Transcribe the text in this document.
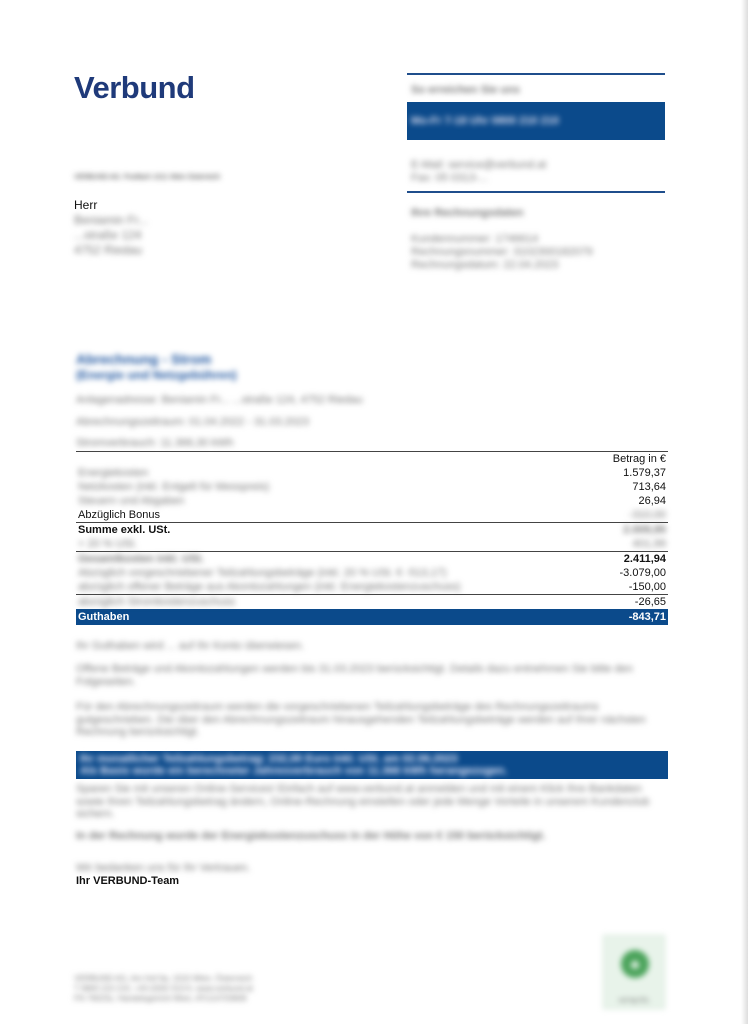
Verbund
VERBUND AG. Postfach 1011 Wien Österreich
Herr
Beniamin Fr...
...straße 124
4752 Riedau
So erreichen Sie uns
Mo-Fr 7-18 Uhr 0800 210 210
E-Mail: service@verbund.at
Fax: 05 0313-...
Ihre Rechnungsdaten
Kundennummer: 1746614
Rechnungsnummer: 3102300182079
Rechnungsdatum: 22.04.2023
Abrechnung - Strom
(Energie und Netzgebühren)
Anlagenadresse: Beniamin Fr... ...straße 124, 4752 Riedau
Abrechnungszeitraum: 01.04.2022 - 31.03.2023
Stromverbrauch: 11.366,30 kWh
	Betrag in €
Energiekosten	1.579,37
Netzkosten (inkl. Entgelt für Messpreis)	713,64
Steuern und Abgaben	26,94
Abzüglich Bonus	-310,00
Summe exkl. USt.	2.009,95
+ 20 % USt.	401,99
Gesamtkosten inkl. USt.	2.411,94
Abzüglich vorgeschriebener Teilzahlungsbeträge (inkl. 20 % USt. € -513,17)	-3.079,00
abzüglich offener Beträge aus Akontozahlungen (inkl. Energiekostenzuschuss)	-150,00
abzüglich Stromkostenzuschuss	-26,65
Guthaben	-843,71
Ihr Guthaben wird ... auf Ihr Konto überwiesen.
Offene Beträge und Akontozahlungen werden bis 31.03.2023 berücksichtigt. Details dazu entnehmen Sie bitte den Folgeseiten.
Für den Abrechnungszeitraum werden die vorgeschriebenen Teilzahlungsbeträge des Rechnungszeitraums gutgeschrieben. Die über den Abrechnungszeitraum hinausgehenden Teilzahlungsbeträge werden auf Ihrer nächsten Rechnung berücksichtigt.
Ihr monatlicher Teilzahlungsbetrag: 232,00 Euro inkl. USt. am 02.06.2023
Als Basis wurde ein berechneter Jahresverbrauch von 11.366 kWh herangezogen.
Sparen Sie mit unseren Online-Services! Einfach auf www.verbund.at anmelden und mit einem Klick Ihre Bankdaten sowie Ihren Teilzahlungsbetrag ändern, Online-Rechnung einstellen oder jede Menge Vorteile in unserem Kundenclub sichern.
In der Rechnung wurde der Energiekostenzuschuss in der Höhe von € 150 berücksichtigt.
Wir bedanken uns für Ihr Vertrauen.
Ihr VERBUND-Team
VERBUND AG, Am Hof 6a, 1010 Wien, Österreich
T 0800 210 210, +43 (0)50 313-0, www.verbund.at
FN 76023z, Handelsgericht Wien, ATU14703908
♣
co2 kg CO₂
